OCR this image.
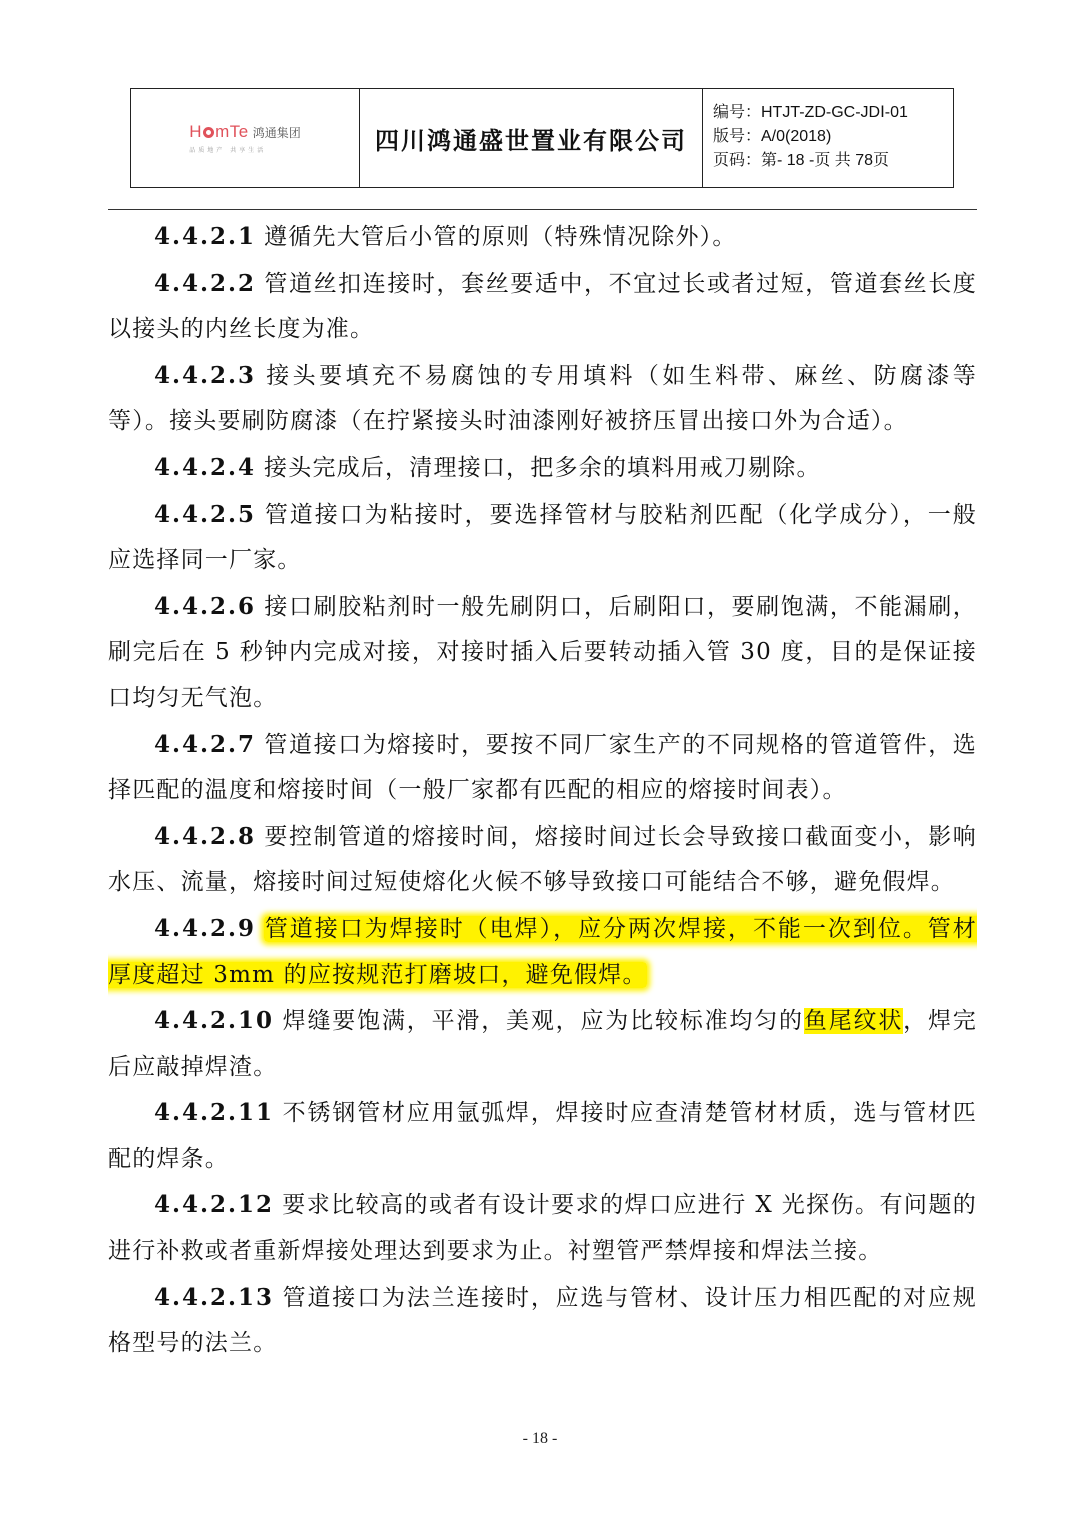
H mTe 鸿通集团
品质地产 共享生活	四川鸿通盛世置业有限公司
编号：HTJT-ZD-GC-JDⅠ-01
版号：A/0(2018)
页码：第- 18 -页 共 78页

4.4.2.1 遵循先大管后小管的原则（特殊情况除外）。

4.4.2.2 管道丝扣连接时，套丝要适中，不宜过长或者过短，管道套丝长度以接头的内丝长度为准。

4.4.2.3 接头要填充不易腐蚀的专用填料（如生料带、麻丝、防腐漆等等）。接头要刷防腐漆（在拧紧接头时油漆刚好被挤压冒出接口外为合适）。

4.4.2.4 接头完成后，清理接口，把多余的填料用戒刀剔除。

4.4.2.5 管道接口为粘接时，要选择管材与胶粘剂匹配（化学成分），一般应选择同一厂家。

4.4.2.6 接口刷胶粘剂时一般先刷阴口，后刷阳口，要刷饱满，不能漏刷，刷完后在 5 秒钟内完成对接，对接时插入后要转动插入管 30 度，目的是保证接口均匀无气泡。

4.4.2.7 管道接口为熔接时，要按不同厂家生产的不同规格的管道管件，选择匹配的温度和熔接时间（一般厂家都有匹配的相应的熔接时间表）。

4.4.2.8 要控制管道的熔接时间，熔接时间过长会导致接口截面变小，影响水压、流量，熔接时间过短使熔化火候不够导致接口可能结合不够，避免假焊。

4.4.2.9 管道接口为焊接时（电焊），应分两次焊接，不能一次到位。管材厚度超过 3mm 的应按规范打磨坡口，避免假焊。

4.4.2.10 焊缝要饱满，平滑，美观，应为比较标准均匀的鱼尾纹状，焊完后应敲掉焊渣。

4.4.2.11 不锈钢管材应用氩弧焊，焊接时应查清楚管材材质，选与管材匹配的焊条。

4.4.2.12 要求比较高的或者有设计要求的焊口应进行 X 光探伤。有问题的进行补救或者重新焊接处理达到要求为止。衬塑管严禁焊接和焊法兰接。

4.4.2.13 管道接口为法兰连接时，应选与管材、设计压力相匹配的对应规格型号的法兰。

- 18 -
